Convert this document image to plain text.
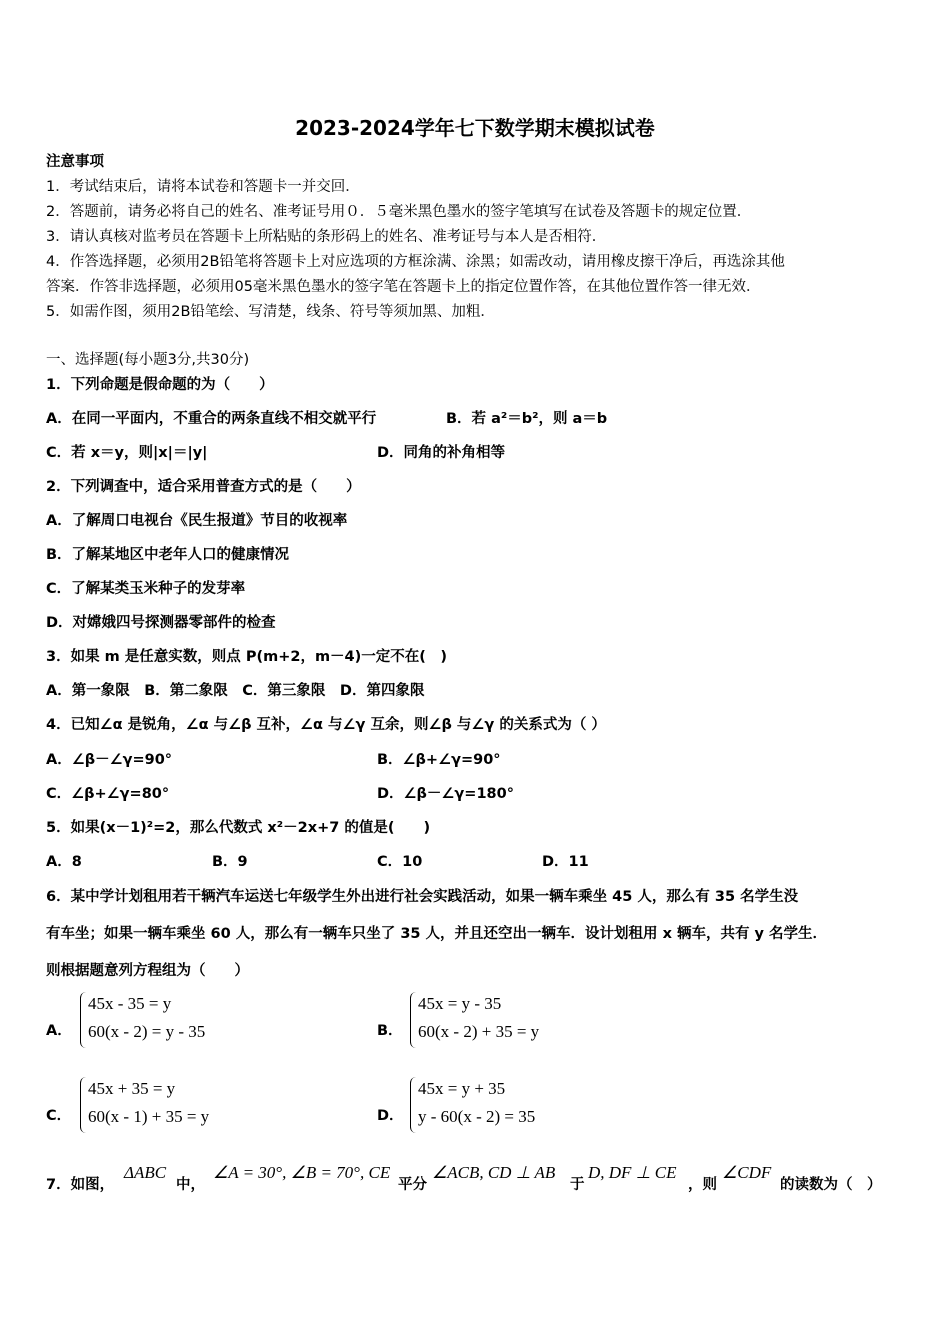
2023-2024学年七下数学期末模拟试卷
注意事项
1．考试结束后，请将本试卷和答题卡一并交回．
2．答题前，请务必将自己的姓名、准考证号用０．５毫米黑色墨水的签字笔填写在试卷及答题卡的规定位置．
3．请认真核对监考员在答题卡上所粘贴的条形码上的姓名、准考证号与本人是否相符．
4．作答选择题，必须用2B铅笔将答题卡上对应选项的方框涂满、涂黑；如需改动，请用橡皮擦干净后，再选涂其他
答案．作答非选择题，必须用05毫米黑色墨水的签字笔在答题卡上的指定位置作答，在其他位置作答一律无效．
5．如需作图，须用2B铅笔绘、写清楚，线条、符号等须加黑、加粗．
一、选择题(每小题3分,共30分)
1．下列命题是假命题的为（　　）
A．在同一平面内，不重合的两条直线不相交就平行	B．若 a²＝b²，则 a＝b
C．若 x＝y，则|x|＝|y|	D．同角的补角相等
2．下列调查中，适合采用普查方式的是（　　）
A．了解周口电视台《民生报道》节目的收视率
B．了解某地区中老年人口的健康情况
C．了解某类玉米种子的发芽率
D．对嫦娥四号探测器零部件的检查
3．如果 m 是任意实数，则点 P(m+2，m－4)一定不在(　)
A．第一象限　B．第二象限　C．第三象限　D．第四象限
4．已知∠α 是锐角，∠α 与∠β 互补，∠α 与∠γ 互余，则∠β 与∠γ 的关系式为（ ）
A．∠β－∠γ=90°	B．∠β+∠γ=90°
C．∠β+∠γ=80°	D．∠β－∠γ=180°
5．如果(x－1)²=2，那么代数式 x²－2x+7 的值是(　　)
A．8	B．9	C．10	D．11
6．某中学计划租用若干辆汽车运送七年级学生外出进行社会实践活动，如果一辆车乘坐 45 人，那么有 35 名学生没
有车坐；如果一辆车乘坐 60 人，那么有一辆车只坐了 35 人，并且还空出一辆车．设计划租用 x 辆车，共有 y 名学生．
则根据题意列方程组为（　　）
A．
45x - 35 = y
60(x - 2) = y - 35	B．
45x = y - 35
60(x - 2) + 35 = y
C．
45x + 35 = y
60(x - 1) + 35 = y	D．
45x = y + 35
y - 60(x - 2) = 35
7．如图，
ΔABC
中，
∠A = 30°, ∠B = 70°, CE
平分
∠ACB, CD ⊥ AB
于
D, DF ⊥ CE
，则
∠CDF
的读数为（　）
